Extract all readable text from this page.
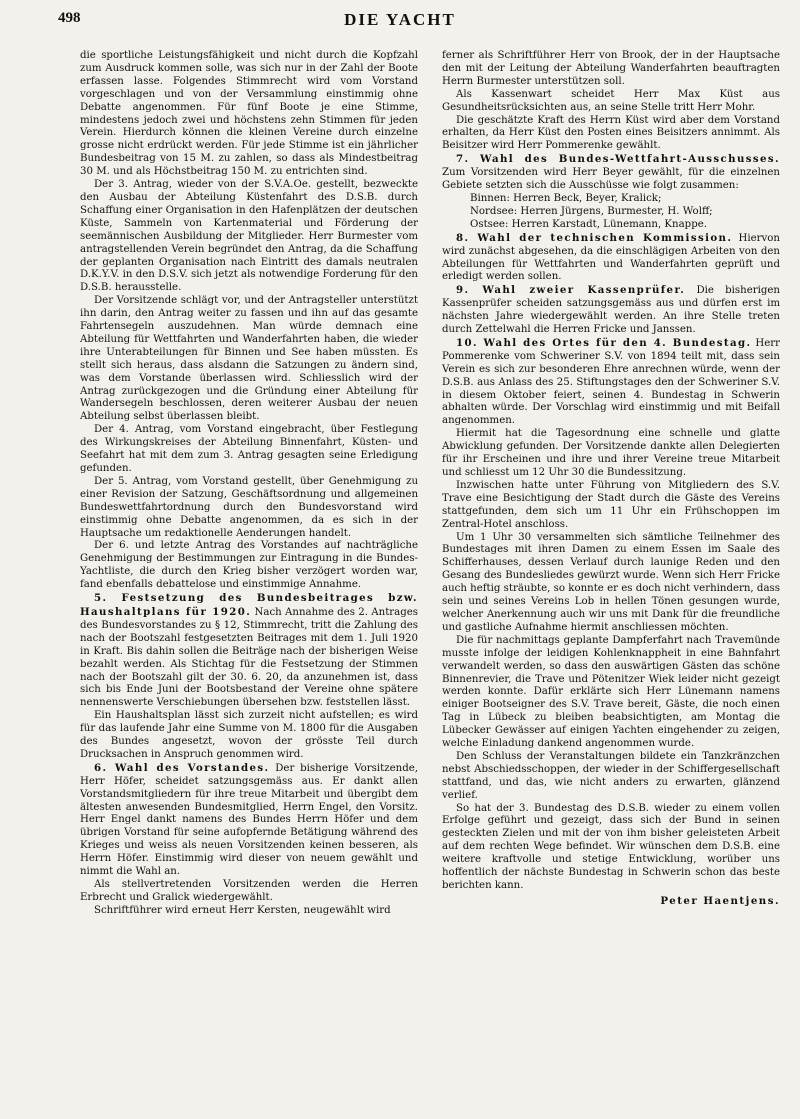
498	DIE YACHT

die sportliche Leistungsfähigkeit und nicht durch die Kopfzahl zum Ausdruck kommen solle, was sich nur in der Zahl der Boote erfassen lasse. Folgendes Stimmrecht wird vom Vorstand vorgeschlagen und von der Versammlung einstimmig ohne Debatte angenommen. Für fünf Boote je eine Stimme, mindestens jedoch zwei und höchstens zehn Stimmen für jeden Verein. Hierdurch können die kleinen Vereine durch einzelne grosse nicht erdrückt werden. Für jede Stimme ist ein jährlicher Bundesbeitrag von 15 M. zu zahlen, so dass als Mindestbeitrag 30 M. und als Höchstbeitrag 150 M. zu entrichten sind.

Der 3. Antrag, wieder von der S.V.A.Oe. gestellt, bezweckte den Ausbau der Abteilung Küstenfahrt des D.S.B. durch Schaffung einer Organisation in den Hafenplätzen der deutschen Küste, Sammeln von Kartenmaterial und Förderung der seemännischen Ausbildung der Mitglieder. Herr Burmester vom antragstellenden Verein begründet den Antrag, da die Schaffung der geplanten Organisation nach Eintritt des damals neutralen D.K.Y.V. in den D.S.V. sich jetzt als notwendige Forderung für den D.S.B. herausstelle.

Der Vorsitzende schlägt vor, und der Antragsteller unterstützt ihn darin, den Antrag weiter zu fassen und ihn auf das gesamte Fahrtensegeln auszudehnen. Man würde demnach eine Abteilung für Wettfahrten und Wanderfahrten haben, die wieder ihre Unterabteilungen für Binnen und See haben müssten. Es stellt sich heraus, dass alsdann die Satzungen zu ändern sind, was dem Vorstande überlassen wird. Schliesslich wird der Antrag zurückgezogen und die Gründung einer Abteilung für Wandersegeln beschlossen, deren weiterer Ausbau der neuen Abteilung selbst überlassen bleibt.

Der 4. Antrag, vom Vorstand eingebracht, über Festlegung des Wirkungskreises der Abteilung Binnenfahrt, Küsten- und Seefahrt hat mit dem zum 3. Antrag gesagten seine Erledigung gefunden.

Der 5. Antrag, vom Vorstand gestellt, über Genehmigung zu einer Revision der Satzung, Geschäftsordnung und allgemeinen Bundeswettfahrtordnung durch den Bundesvorstand wird einstimmig ohne Debatte angenommen, da es sich in der Hauptsache um redaktionelle Aenderungen handelt.

Der 6. und letzte Antrag des Vorstandes auf nachträgliche Genehmigung der Bestimmungen zur Eintragung in die Bundes-Yachtliste, die durch den Krieg bisher verzögert worden war, fand ebenfalls debattelose und einstimmige Annahme.

5. Festsetzung des Bundesbeitrages bzw. Haushaltplans für 1920. Nach Annahme des 2. Antrages des Bundesvorstandes zu § 12, Stimmrecht, tritt die Zahlung des nach der Bootszahl festgesetzten Beitrages mit dem 1. Juli 1920 in Kraft. Bis dahin sollen die Beiträge nach der bisherigen Weise bezahlt werden. Als Stichtag für die Festsetzung der Stimmen nach der Bootszahl gilt der 30. 6. 20, da anzunehmen ist, dass sich bis Ende Juni der Bootsbestand der Vereine ohne spätere nennenswerte Verschiebungen übersehen bzw. feststellen lässt.

Ein Haushaltsplan lässt sich zurzeit nicht aufstellen; es wird für das laufende Jahr eine Summe von M. 1800 für die Ausgaben des Bundes angesetzt, wovon der grösste Teil durch Drucksachen in Anspruch genommen wird.

6. Wahl des Vorstandes. Der bisherige Vorsitzende, Herr Höfer, scheidet satzungsgemäss aus. Er dankt allen Vorstandsmitgliedern für ihre treue Mitarbeit und übergibt dem ältesten anwesenden Bundesmitglied, Herrn Engel, den Vorsitz. Herr Engel dankt namens des Bundes Herrn Höfer und dem übrigen Vorstand für seine aufopfernde Betätigung während des Krieges und weiss als neuen Vorsitzenden keinen besseren, als Herrn Höfer. Einstimmig wird dieser von neuem gewählt und nimmt die Wahl an.

Als stellvertretenden Vorsitzenden werden die Herren Erbrecht und Gralick wiedergewählt.

Schriftführer wird erneut Herr Kersten, neugewählt wird

ferner als Schriftführer Herr von Brook, der in der Hauptsache den mit der Leitung der Abteilung Wanderfahrten beauftragten Herrn Burmester unterstützen soll.

Als Kassenwart scheidet Herr Max Küst aus Gesundheitsrücksichten aus, an seine Stelle tritt Herr Mohr.

Die geschätzte Kraft des Herrn Küst wird aber dem Vorstand erhalten, da Herr Küst den Posten eines Beisitzers annimmt. Als Beisitzer wird Herr Pommerenke gewählt.

7. Wahl des Bundes-Wettfahrt-Ausschusses. Zum Vorsitzenden wird Herr Beyer gewählt, für die einzelnen Gebiete setzten sich die Ausschüsse wie folgt zusammen:

Binnen: Herren Beck, Beyer, Kralick;
Nordsee: Herren Jürgens, Burmester, H. Wolff;
Ostsee: Herren Karstadt, Lünemann, Knappe.

8. Wahl der technischen Kommission. Hiervon wird zunächst abgesehen, da die einschlägigen Arbeiten von den Abteilungen für Wettfahrten und Wanderfahrten geprüft und erledigt werden sollen.

9. Wahl zweier Kassenprüfer. Die bisherigen Kassenprüfer scheiden satzungsgemäss aus und dürfen erst im nächsten Jahre wiedergewählt werden. An ihre Stelle treten durch Zettelwahl die Herren Fricke und Janssen.

10. Wahl des Ortes für den 4. Bundestag. Herr Pommerenke vom Schweriner S.V. von 1894 teilt mit, dass sein Verein es sich zur besonderen Ehre anrechnen würde, wenn der D.S.B. aus Anlass des 25. Stiftungstages den der Schweriner S.V. in diesem Oktober feiert, seinen 4. Bundestag in Schwerin abhalten würde. Der Vorschlag wird einstimmig und mit Beifall angenommen.

Hiermit hat die Tagesordnung eine schnelle und glatte Abwicklung gefunden. Der Vorsitzende dankte allen Delegierten für ihr Erscheinen und ihre und ihrer Vereine treue Mitarbeit und schliesst um 12 Uhr 30 die Bundessitzung.

Inzwischen hatte unter Führung von Mitgliedern des S.V. Trave eine Besichtigung der Stadt durch die Gäste des Vereins stattgefunden, dem sich um 11 Uhr ein Frühschoppen im Zentral-Hotel anschloss.

Um 1 Uhr 30 versammelten sich sämtliche Teilnehmer des Bundestages mit ihren Damen zu einem Essen im Saale des Schifferhauses, dessen Verlauf durch launige Reden und den Gesang des Bundesliedes gewürzt wurde. Wenn sich Herr Fricke auch heftig sträubte, so konnte er es doch nicht verhindern, dass sein und seines Vereins Lob in hellen Tönen gesungen wurde, welcher Anerkennung auch wir uns mit Dank für die freundliche und gastliche Aufnahme hiermit anschliessen möchten.

Die für nachmittags geplante Dampferfahrt nach Travemünde musste infolge der leidigen Kohlenknappheit in eine Bahnfahrt verwandelt werden, so dass den auswärtigen Gästen das schöne Binnenrevier, die Trave und Pötenitzer Wiek leider nicht gezeigt werden konnte. Dafür erklärte sich Herr Lünemann namens einiger Bootseigner des S.V. Trave bereit, Gäste, die noch einen Tag in Lübeck zu bleiben beabsichtigten, am Montag die Lübecker Gewässer auf einigen Yachten eingehender zu zeigen, welche Einladung dankend angenommen wurde.

Den Schluss der Veranstaltungen bildete ein Tanzkränzchen nebst Abschiedsschoppen, der wieder in der Schiffergesellschaft stattfand, und das, wie nicht anders zu erwarten, glänzend verlief.

So hat der 3. Bundestag des D.S.B. wieder zu einem vollen Erfolge geführt und gezeigt, dass sich der Bund in seinen gesteckten Zielen und mit der von ihm bisher geleisteten Arbeit auf dem rechten Wege befindet. Wir wünschen dem D.S.B. eine weitere kraftvolle und stetige Entwicklung, worüber uns hoffentlich der nächste Bundestag in Schwerin schon das beste berichten kann.

Peter Haentjens.
